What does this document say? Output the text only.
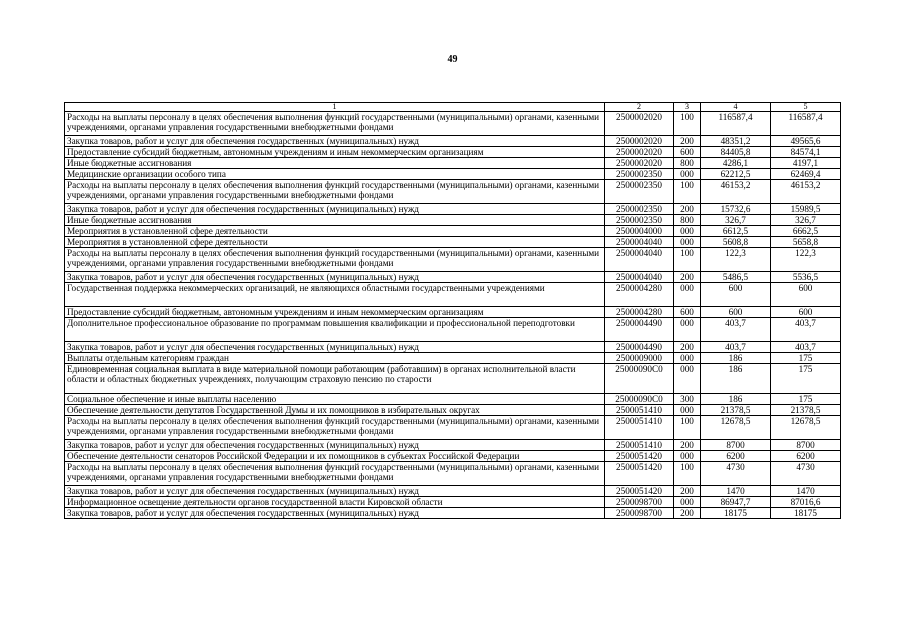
49
1	2	3	4	5
Расходы на выплаты персоналу в целях обеспечения выполнения функций государственными (муниципальными) органами, казенными учреждениями, органами управления государственными внебюджетными фондами	2500002020	100	116587,4	116587,4
Закупка товаров, работ и услуг для обеспечения государственных (муниципальных) нужд	2500002020	200	48351,2	49565,6
Предоставление субсидий бюджетным, автономным учреждениям и иным некоммерческим организациям	2500002020	600	84405,8	84574,1
Иные бюджетные ассигнования	2500002020	800	4286,1	4197,1
Медицинские организации особого типа	2500002350	000	62212,5	62469,4
Расходы на выплаты персоналу в целях обеспечения выполнения функций государственными (муниципальными) органами, казенными учреждениями, органами управления государственными внебюджетными фондами	2500002350	100	46153,2	46153,2
Закупка товаров, работ и услуг для обеспечения государственных (муниципальных) нужд	2500002350	200	15732,6	15989,5
Иные бюджетные ассигнования	2500002350	800	326,7	326,7
Мероприятия в установленной сфере деятельности	2500004000	000	6612,5	6662,5
Мероприятия в установленной сфере деятельности	2500004040	000	5608,8	5658,8
Расходы на выплаты персоналу в целях обеспечения выполнения функций государственными (муниципальными) органами, казенными учреждениями, органами управления государственными внебюджетными фондами	2500004040	100	122,3	122,3
Закупка товаров, работ и услуг для обеспечения государственных (муниципальных) нужд	2500004040	200	5486,5	5536,5
Государственная поддержка некоммерческих организаций, не являющихся областными государственными учреждениями	2500004280	000	600	600
Предоставление субсидий бюджетным, автономным учреждениям и иным некоммерческим организациям	2500004280	600	600	600
Дополнительное профессиональное образование по программам повышения квалификации и профессиональной переподготовки	2500004490	000	403,7	403,7
Закупка товаров, работ и услуг для обеспечения государственных (муниципальных) нужд	2500004490	200	403,7	403,7
Выплаты отдельным категориям граждан	2500009000	000	186	175
Единовременная социальная выплата в виде материальной помощи работающим (работавшим) в органах исполнительной власти области и областных бюджетных учреждениях, получающим страховую пенсию по старости	25000090С0	000	186	175
Социальное обеспечение и иные выплаты населению	25000090С0	300	186	175
Обеспечение деятельности депутатов Государственной Думы и их помощников в избирательных округах	2500051410	000	21378,5	21378,5
Расходы на выплаты персоналу в целях обеспечения выполнения функций государственными (муниципальными) органами, казенными учреждениями, органами управления государственными внебюджетными фондами	2500051410	100	12678,5	12678,5
Закупка товаров, работ и услуг для обеспечения государственных (муниципальных) нужд	2500051410	200	8700	8700
Обеспечение деятельности сенаторов Российской Федерации и их помощников в субъектах Российской Федерации	2500051420	000	6200	6200
Расходы на выплаты персоналу в целях обеспечения выполнения функций государственными (муниципальными) органами, казенными учреждениями, органами управления государственными внебюджетными фондами	2500051420	100	4730	4730
Закупка товаров, работ и услуг для обеспечения государственных (муниципальных) нужд	2500051420	200	1470	1470
Информационное освещение деятельности органов государственной власти Кировской области	2500098700	000	86947,7	87016,6
Закупка товаров, работ и услуг для обеспечения государственных (муниципальных) нужд	2500098700	200	18175	18175
